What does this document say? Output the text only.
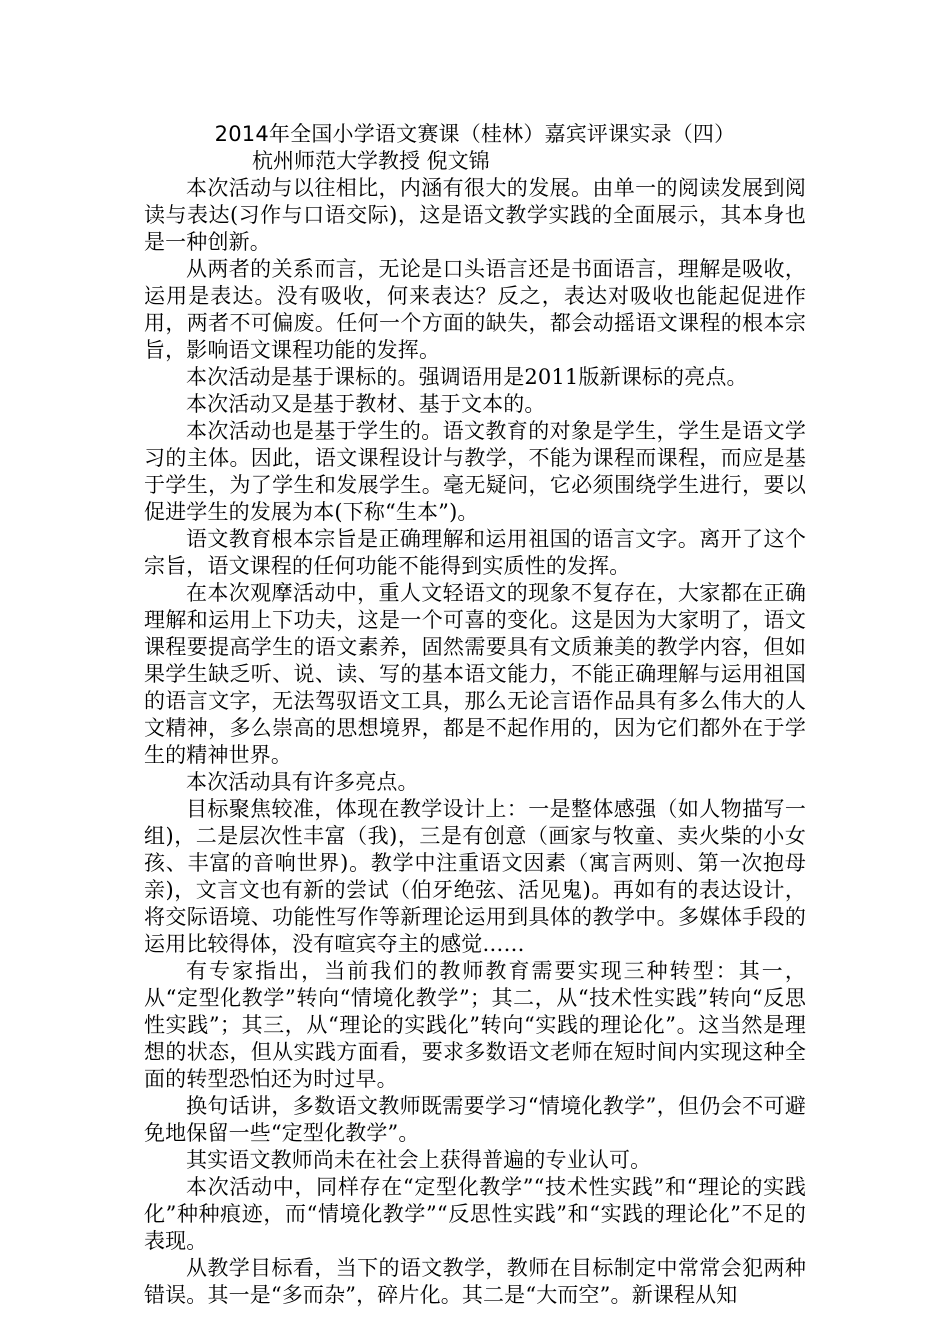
2014年全国小学语文赛课（桂林）嘉宾评课实录（四）

杭州师范大学教授 倪文锦

本次活动与以往相比，内涵有很大的发展。由单一的阅读发展到阅读与表达(习作与口语交际)，这是语文教学实践的全面展示，其本身也是一种创新。

从两者的关系而言，无论是口头语言还是书面语言，理解是吸收，运用是表达。没有吸收，何来表达？反之，表达对吸收也能起促进作用，两者不可偏废。任何一个方面的缺失，都会动摇语文课程的根本宗旨，影响语文课程功能的发挥。

本次活动是基于课标的。强调语用是2011版新课标的亮点。

本次活动又是基于教材、基于文本的。

本次活动也是基于学生的。语文教育的对象是学生，学生是语文学习的主体。因此，语文课程设计与教学，不能为课程而课程，而应是基于学生，为了学生和发展学生。毫无疑问，它必须围绕学生进行，要以促进学生的发展为本(下称“生本”)。

语文教育根本宗旨是正确理解和运用祖国的语言文字。离开了这个宗旨，语文课程的任何功能不能得到实质性的发挥。

在本次观摩活动中，重人文轻语文的现象不复存在，大家都在正确理解和运用上下功夫，这是一个可喜的变化。这是因为大家明了，语文课程要提高学生的语文素养，固然需要具有文质兼美的教学内容，但如果学生缺乏听、说、读、写的基本语文能力，不能正确理解与运用祖国的语言文字，无法驾驭语文工具，那么无论言语作品具有多么伟大的人文精神，多么崇高的思想境界，都是不起作用的，因为它们都外在于学生的精神世界。

本次活动具有许多亮点。

目标聚焦较准，体现在教学设计上：一是整体感强（如人物描写一组)，二是层次性丰富（我)，三是有创意（画家与牧童、卖火柴的小女孩、丰富的音响世界)。教学中注重语文因素（寓言两则、第一次抱母亲)，文言文也有新的尝试（伯牙绝弦、活见鬼)。再如有的表达设计，将交际语境、功能性写作等新理论运用到具体的教学中。多媒体手段的运用比较得体，没有喧宾夺主的感觉……

有专家指出，当前我们的教师教育需要实现三种转型：其一，从“定型化教学”转向“情境化教学”；其二，从“技术性实践”转向“反思性实践”；其三，从“理论的实践化”转向“实践的理论化”。这当然是理想的状态，但从实践方面看，要求多数语文老师在短时间内实现这种全面的转型恐怕还为时过早。

换句话讲，多数语文教师既需要学习“情境化教学”，但仍会不可避免地保留一些“定型化教学”。

其实语文教师尚未在社会上获得普遍的专业认可。

本次活动中，同样存在“定型化教学”“技术性实践”和“理论的实践化”种种痕迹，而“情境化教学”“反思性实践”和“实践的理论化”不足的表现。

从教学目标看，当下的语文教学，教师在目标制定中常常会犯两种错误。其一是“多而杂”，碎片化。其二是“大而空”。新课程从知
